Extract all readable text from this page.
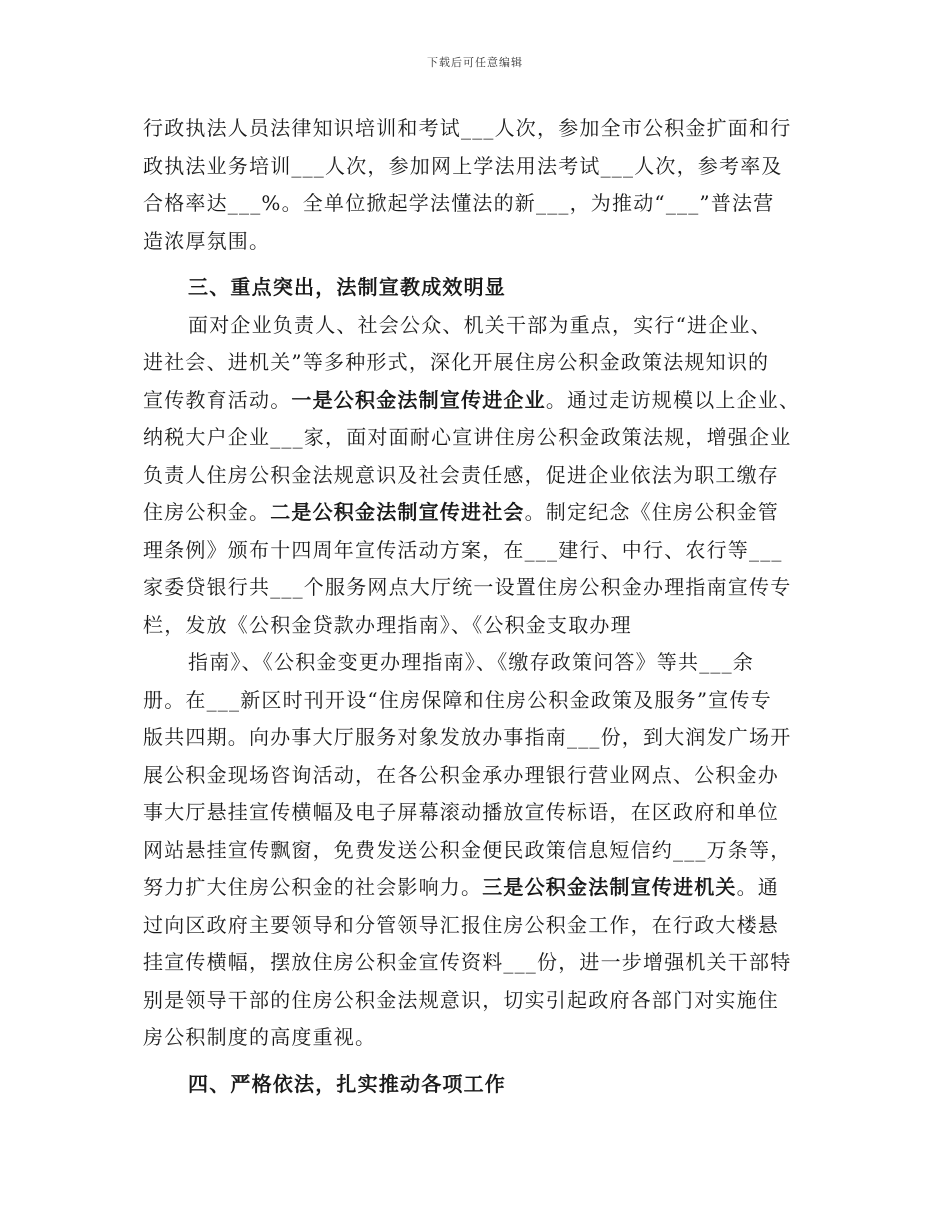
下载后可任意编辑
行政执法人员法律知识培训和考试___人次，参加全市公积金扩面和行
政执法业务培训___人次，参加网上学法用法考试___人次，参考率及
合格率达___%。全单位掀起学法懂法的新___，为推动“___”普法营
造浓厚氛围。
三、重点突出，法制宣教成效明显
面对企业负责人、社会公众、机关干部为重点，实行“进企业、
进社会、进机关”等多种形式，深化开展住房公积金政策法规知识的
宣传教育活动。一是公积金法制宣传进企业。通过走访规模以上企业、
纳税大户企业___家，面对面耐心宣讲住房公积金政策法规，增强企业
负责人住房公积金法规意识及社会责任感，促进企业依法为职工缴存
住房公积金。二是公积金法制宣传进社会。制定纪念《住房公积金管
理条例》颁布十四周年宣传活动方案，在___建行、中行、农行等___
家委贷银行共___个服务网点大厅统一设置住房公积金办理指南宣传专
栏，发放《公积金贷款办理指南》、《公积金支取办理
指南》、《公积金变更办理指南》、《缴存政策问答》等共___余
册。在___新区时刊开设“住房保障和住房公积金政策及服务”宣传专
版共四期。向办事大厅服务对象发放办事指南___份，到大润发广场开
展公积金现场咨询活动，在各公积金承办理银行营业网点、公积金办
事大厅悬挂宣传横幅及电子屏幕滚动播放宣传标语，在区政府和单位
网站悬挂宣传飘窗，免费发送公积金便民政策信息短信约___万条等，
努力扩大住房公积金的社会影响力。三是公积金法制宣传进机关。通
过向区政府主要领导和分管领导汇报住房公积金工作，在行政大楼悬
挂宣传横幅，摆放住房公积金宣传资料___份，进一步增强机关干部特
别是领导干部的住房公积金法规意识，切实引起政府各部门对实施住
房公积制度的高度重视。
四、严格依法，扎实推动各项工作
